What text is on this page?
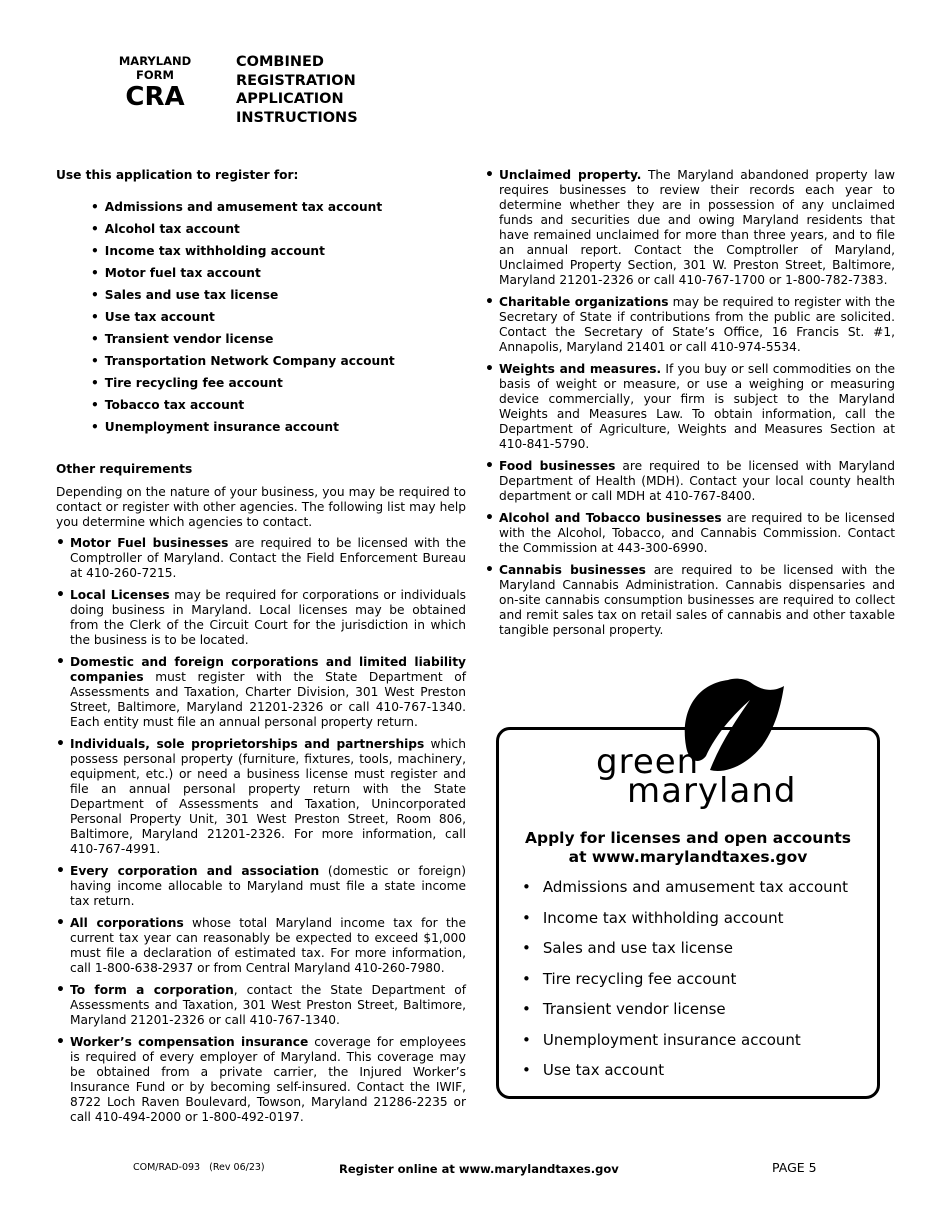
MARYLAND
FORM
CRA
COMBINED
REGISTRATION
APPLICATION
INSTRUCTIONS
Use this application to register for:
• Admissions and amusement tax account
• Alcohol tax account
• Income tax withholding account
• Motor fuel tax account
• Sales and use tax license
• Use tax account
• Transient vendor license
• Transportation Network Company account
• Tire recycling fee account
• Tobacco tax account
• Unemployment insurance account
Other requirements

Depending on the nature of your business, you may be required to contact or register with other agencies. The following list may help you determine which agencies to contact.

• Motor Fuel businesses are required to be licensed with the Comptroller of Maryland. Contact the Field Enforcement Bureau at 410-260-7215.
• Local Licenses may be required for corporations or individuals doing business in Maryland. Local licenses may be obtained from the Clerk of the Circuit Court for the jurisdiction in which the business is to be located.
• Domestic and foreign corporations and limited liability companies must register with the State Department of Assessments and Taxation, Charter Division, 301 West Preston Street, Baltimore, Maryland 21201-2326 or call 410-767-1340. Each entity must file an annual personal property return.
• Individuals, sole proprietorships and partnerships which possess personal property (furniture, fixtures, tools, machinery, equipment, etc.) or need a business license must register and file an annual personal property return with the State Department of Assessments and Taxation, Unincorporated Personal Property Unit, 301 West Preston Street, Room 806, Baltimore, Maryland 21201-2326. For more information, call 410-767-4991.
• Every corporation and association (domestic or foreign) having income allocable to Maryland must file a state income tax return.
• All corporations whose total Maryland income tax for the current tax year can reasonably be expected to exceed $1,000 must file a declaration of estimated tax. For more information, call 1-800-638-2937 or from Central Maryland 410-260-7980.
• To form a corporation, contact the State Department of Assessments and Taxation, 301 West Preston Street, Baltimore, Maryland 21201-2326 or call 410-767-1340.
• Worker’s compensation insurance coverage for employees is required of every employer of Maryland. This coverage may be obtained from a private carrier, the Injured Worker’s Insurance Fund or by becoming self-insured. Contact the IWIF, 8722 Loch Raven Boulevard, Towson, Maryland 21286-2235 or call 410-494-2000 or 1-800-492-0197.
• Unclaimed property. The Maryland abandoned property law requires businesses to review their records each year to determine whether they are in possession of any unclaimed funds and securities due and owing Maryland residents that have remained unclaimed for more than three years, and to file an annual report. Contact the Comptroller of Maryland, Unclaimed Property Section, 301 W. Preston Street, Baltimore, Maryland 21201-2326 or call 410-767-1700 or 1-800-782-7383.
• Charitable organizations may be required to register with the Secretary of State if contributions from the public are solicited. Contact the Secretary of State’s Office, 16 Francis St. #1, Annapolis, Maryland 21401 or call 410-974-5534.
• Weights and measures. If you buy or sell commodities on the basis of weight or measure, or use a weighing or measuring device commercially, your firm is subject to the Maryland Weights and Measures Law. To obtain information, call the Department of Agriculture, Weights and Measures Section at 410-841-5790.
• Food businesses are required to be licensed with Maryland Department of Health (MDH). Contact your local county health department or call MDH at 410-767-8400.
• Alcohol and Tobacco businesses are required to be licensed with the Alcohol, Tobacco, and Cannabis Commission. Contact the Commission at 443-300-6990.
• Cannabis businesses are required to be licensed with the Maryland Cannabis Administration. Cannabis dispensaries and on-site cannabis consumption businesses are required to collect and remit sales tax on retail sales of cannabis and other taxable tangible personal property.
green
maryland
Apply for licenses and open accounts
at www.marylandtaxes.gov
• Admissions and amusement tax account
• Income tax withholding account
• Sales and use tax license
• Tire recycling fee account
• Transient vendor license
• Unemployment insurance account
• Use tax account
COM/RAD-093   (Rev 06/23)	Register online at www.marylandtaxes.gov	PAGE 5
